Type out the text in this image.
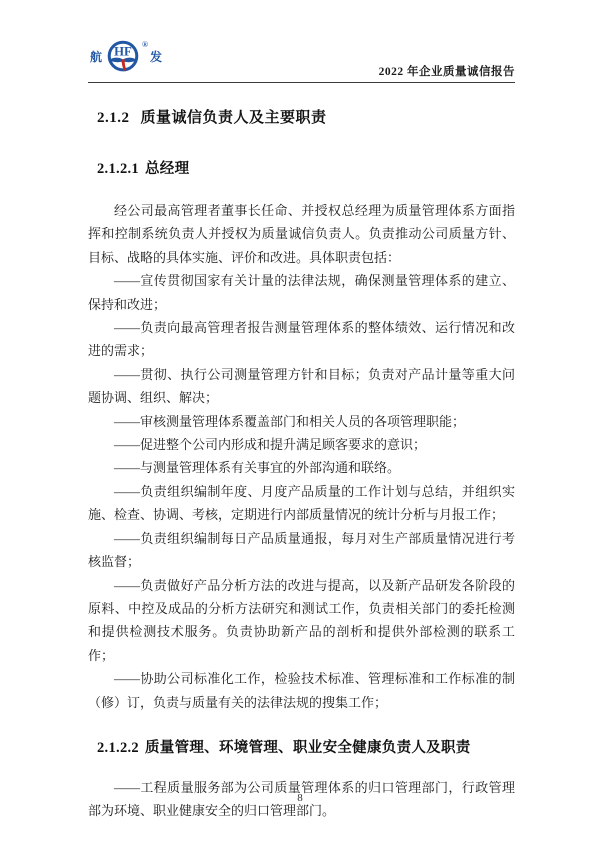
航 HF
®
发
2022 年企业质量诚信报告
2.1.2 质量诚信负责人及主要职责
2.1.2.1 总经理

经公司最高管理者董事长任命、并授权总经理为质量管理体系方面指挥和控制系统负责人并授权为质量诚信负责人。负责推动公司质量方针、目标、战略的具体实施、评价和改进。具体职责包括：

——宣传贯彻国家有关计量的法律法规，确保测量管理体系的建立、保持和改进；

——负责向最高管理者报告测量管理体系的整体绩效、运行情况和改进的需求；

——贯彻、执行公司测量管理方针和目标；负责对产品计量等重大问题协调、组织、解决；

——审核测量管理体系覆盖部门和相关人员的各项管理职能；

——促进整个公司内形成和提升满足顾客要求的意识；

——与测量管理体系有关事宜的外部沟通和联络。

——负责组织编制年度、月度产品质量的工作计划与总结，并组织实施、检查、协调、考核，定期进行内部质量情况的统计分析与月报工作；

——负责组织编制每日产品质量通报，每月对生产部质量情况进行考核监督；

——负责做好产品分析方法的改进与提高，以及新产品研发各阶段的原料、中控及成品的分析方法研究和测试工作，负责相关部门的委托检测和提供检测技术服务。负责协助新产品的剖析和提供外部检测的联系工作；

——协助公司标准化工作，检验技术标准、管理标准和工作标准的制（修）订，负责与质量有关的法律法规的搜集工作；

2.1.2.2 质量管理、环境管理、职业安全健康负责人及职责

——工程质量服务部为公司质量管理体系的归口管理部门，行政管理部为环境、职业健康安全的归口管理部门。

8
